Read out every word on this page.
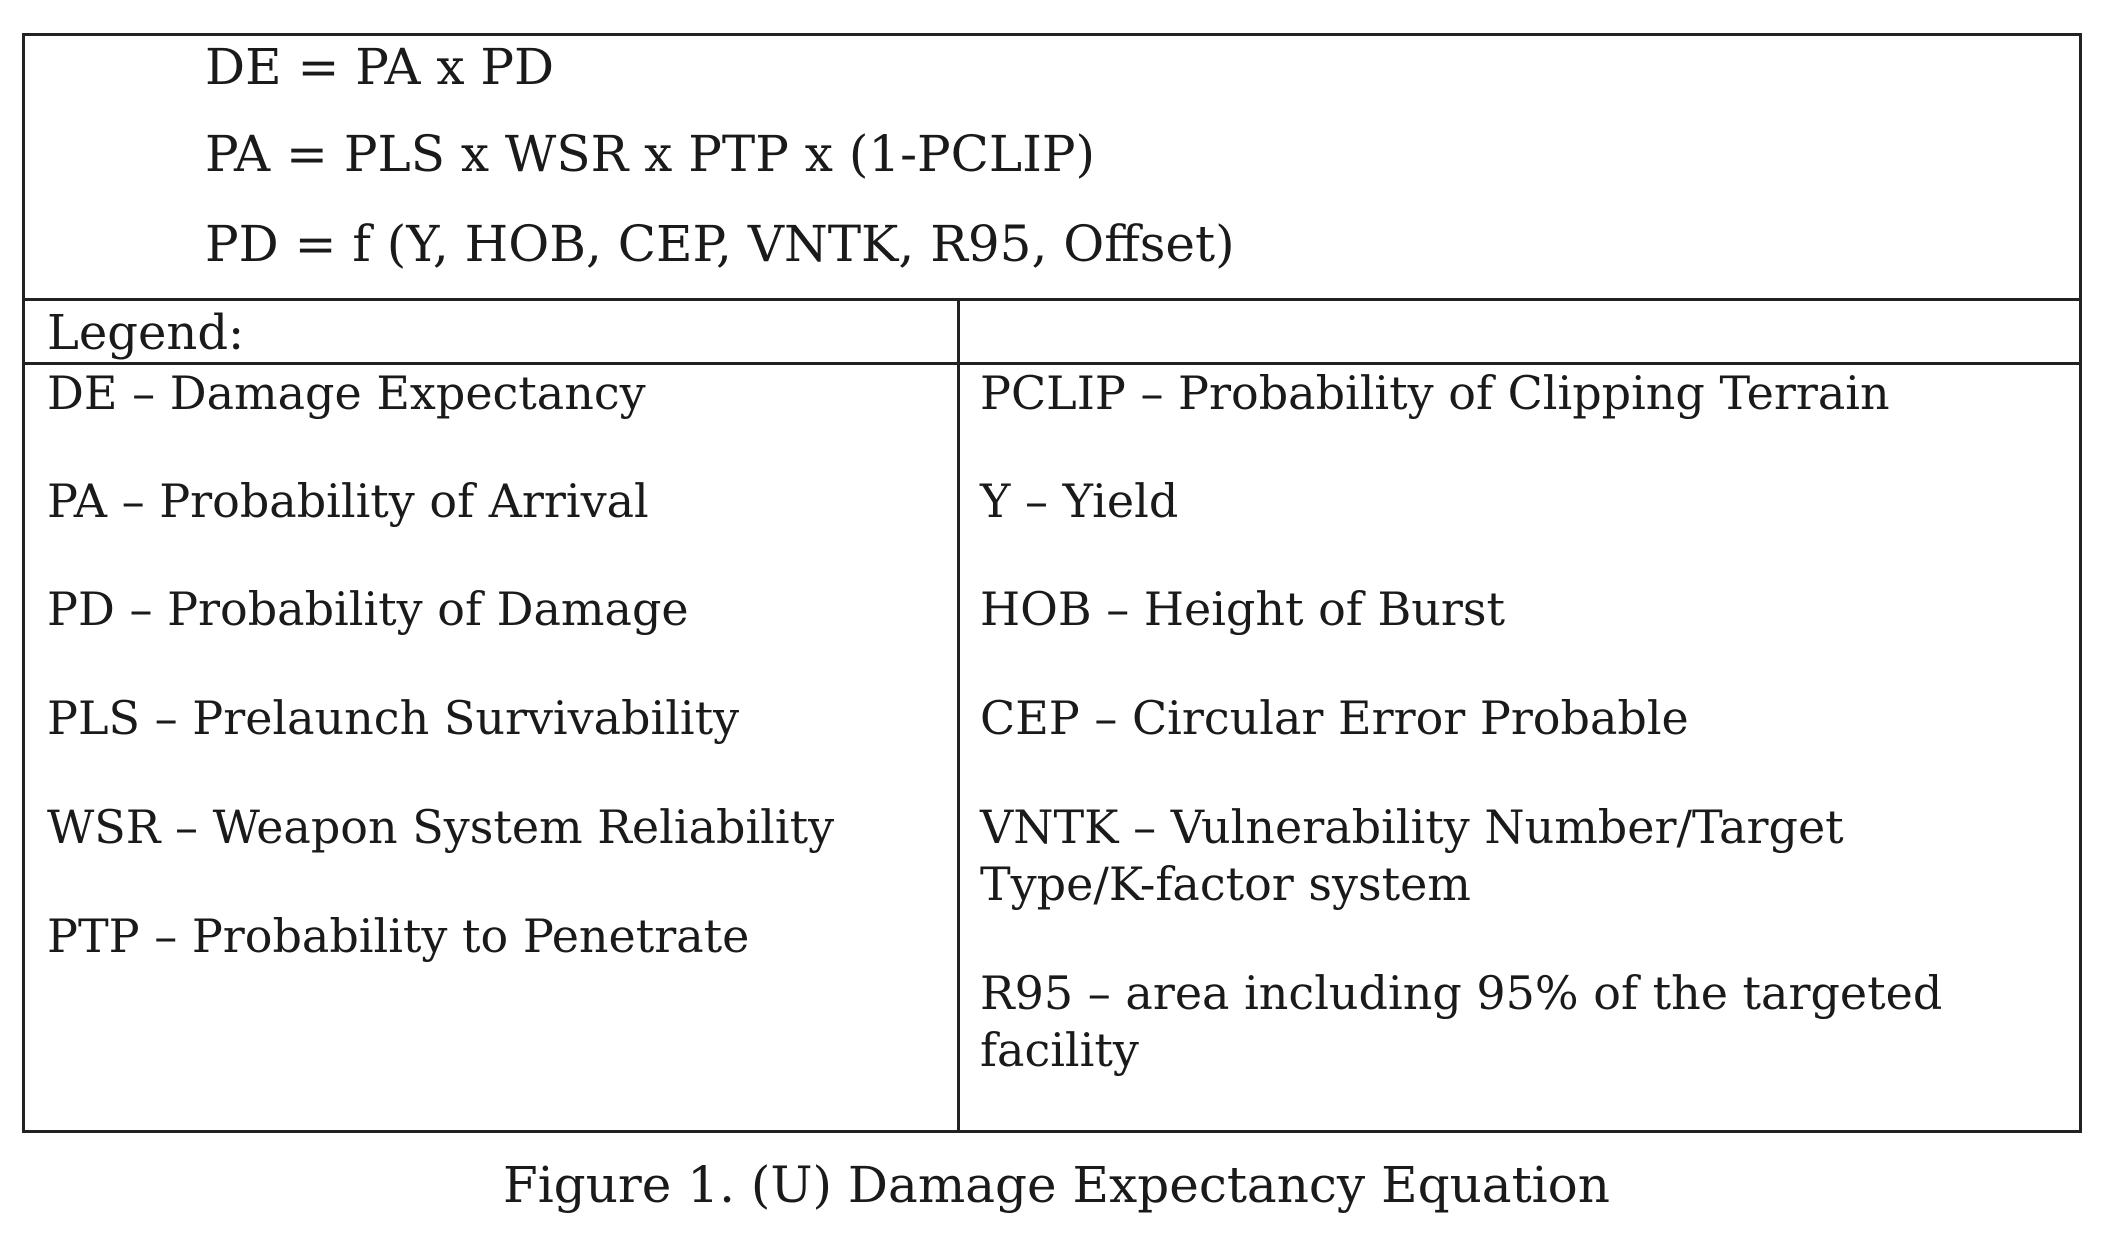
DE = PA x PD
PA = PLS x WSR x PTP x (1-PCLIP)
PD = f (Y, HOB, CEP, VNTK, R95, Offset)
Legend:
DE – Damage Expectancy
PA – Probability of Arrival
PD – Probability of Damage
PLS – Prelaunch Survivability
WSR – Weapon System Reliability
PTP – Probability to Penetrate
PCLIP – Probability of Clipping Terrain
Y – Yield
HOB – Height of Burst
CEP – Circular Error Probable
VNTK – Vulnerability Number/Target Type/K-factor system
R95 – area including 95% of the targeted facility
Figure 1. (U) Damage Expectancy Equation
